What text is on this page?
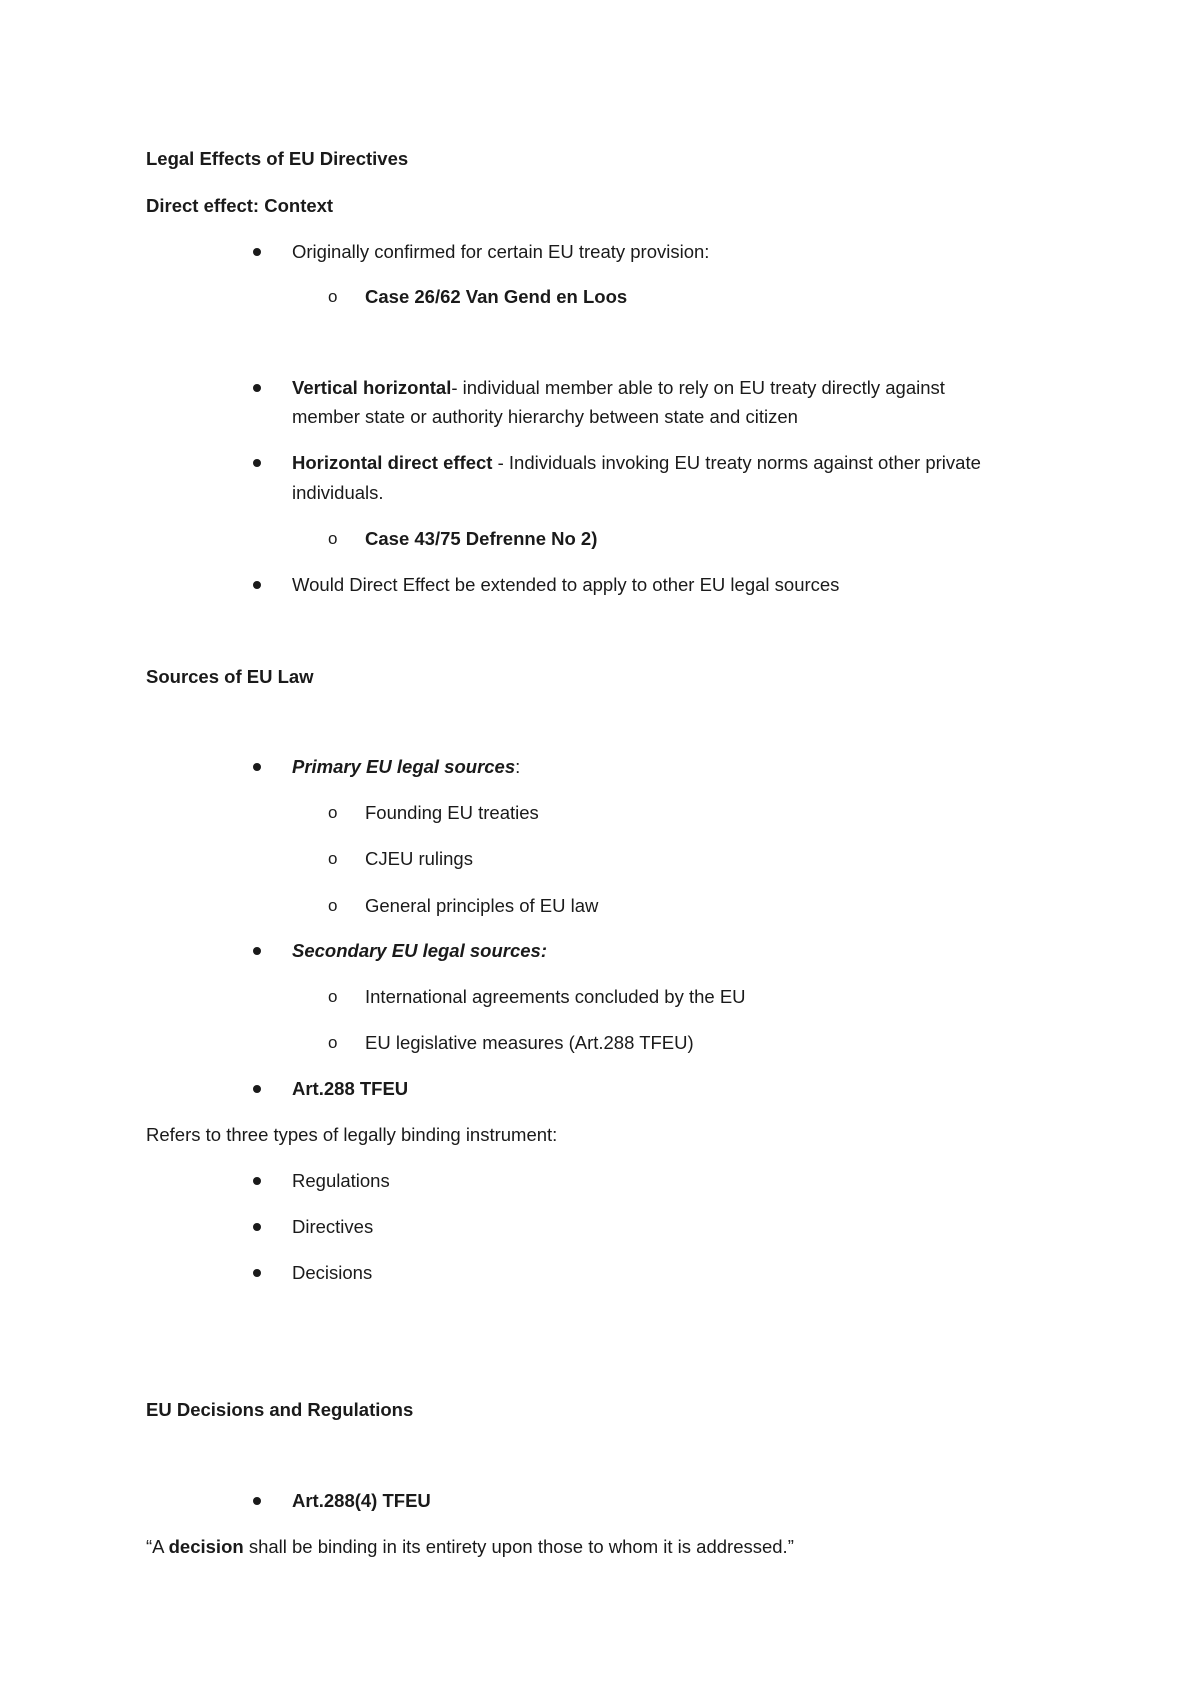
Legal Effects of EU Directives
Direct effect: Context
Originally confirmed for certain EU treaty provision:
o Case 26/62 Van Gend en Loos
Vertical horizontal- individual member able to rely on EU treaty directly against
member state or authority hierarchy between state and citizen
Horizontal direct effect - Individuals invoking EU treaty norms against other private
individuals.
o Case 43/75 Defrenne No 2)
Would Direct Effect be extended to apply to other EU legal sources
Sources of EU Law
Primary EU legal sources:
o Founding EU treaties
o CJEU rulings
o General principles of EU law
Secondary EU legal sources:
o International agreements concluded by the EU
o EU legislative measures (Art.288 TFEU)
Art.288 TFEU
Refers to three types of legally binding instrument:
Regulations
Directives
Decisions
EU Decisions and Regulations
Art.288(4) TFEU
“A decision shall be binding in its entirety upon those to whom it is addressed.”
